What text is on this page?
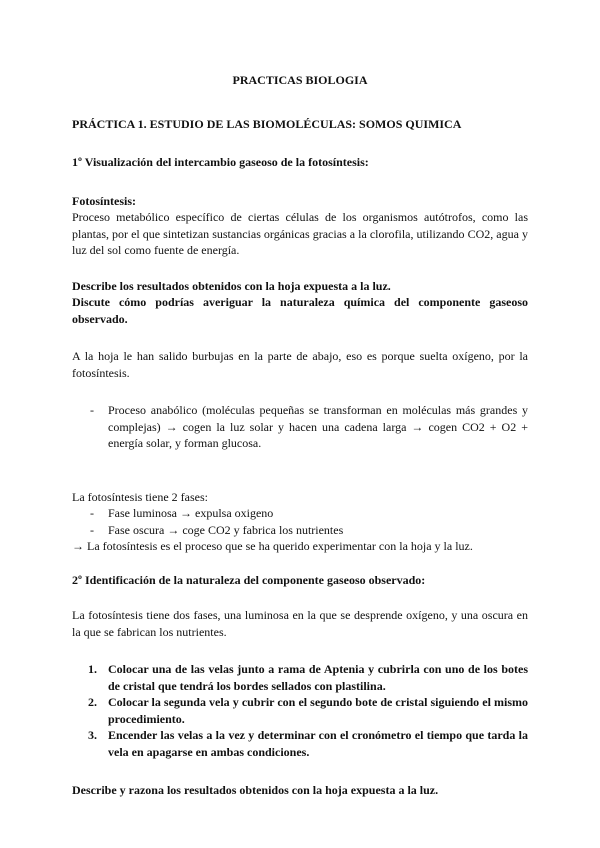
PRACTICAS BIOLOGIA

PRÁCTICA 1. ESTUDIO DE LAS BIOMOLÉCULAS: SOMOS QUIMICA

1º Visualización del intercambio gaseoso de la fotosíntesis:

Fotosíntesis:

Proceso metabólico específico de ciertas células de los organismos autótrofos, como las plantas, por el que sintetizan sustancias orgánicas gracias a la clorofila, utilizando CO2, agua y luz del sol como fuente de energía.

Describe los resultados obtenidos con la hoja expuesta a la luz.

Discute cómo podrías averiguar la naturaleza química del componente gaseoso observado.

A la hoja le han salido burbujas en la parte de abajo, eso es porque suelta oxígeno, por la fotosíntesis.

- Proceso anabólico (moléculas pequeñas se transforman en moléculas más grandes y complejas) → cogen la luz solar y hacen una cadena larga → cogen CO2 + O2 + energía solar, y forman glucosa.

La fotosíntesis tiene 2 fases:

- Fase luminosa → expulsa oxigeno
- Fase oscura → coge CO2 y fabrica los nutrientes

→ La fotosíntesis es el proceso que se ha querido experimentar con la hoja y la luz.

2º Identificación de la naturaleza del componente gaseoso observado:

La fotosíntesis tiene dos fases, una luminosa en la que se desprende oxígeno, y una oscura en la que se fabrican los nutrientes.

1. Colocar una de las velas junto a rama de Aptenia y cubrirla con uno de los botes de cristal que tendrá los bordes sellados con plastilina.
2. Colocar la segunda vela y cubrir con el segundo bote de cristal siguiendo el mismo procedimiento.
3. Encender las velas a la vez y determinar con el cronómetro el tiempo que tarda la vela en apagarse en ambas condiciones.

Describe y razona los resultados obtenidos con la hoja expuesta a la luz.
